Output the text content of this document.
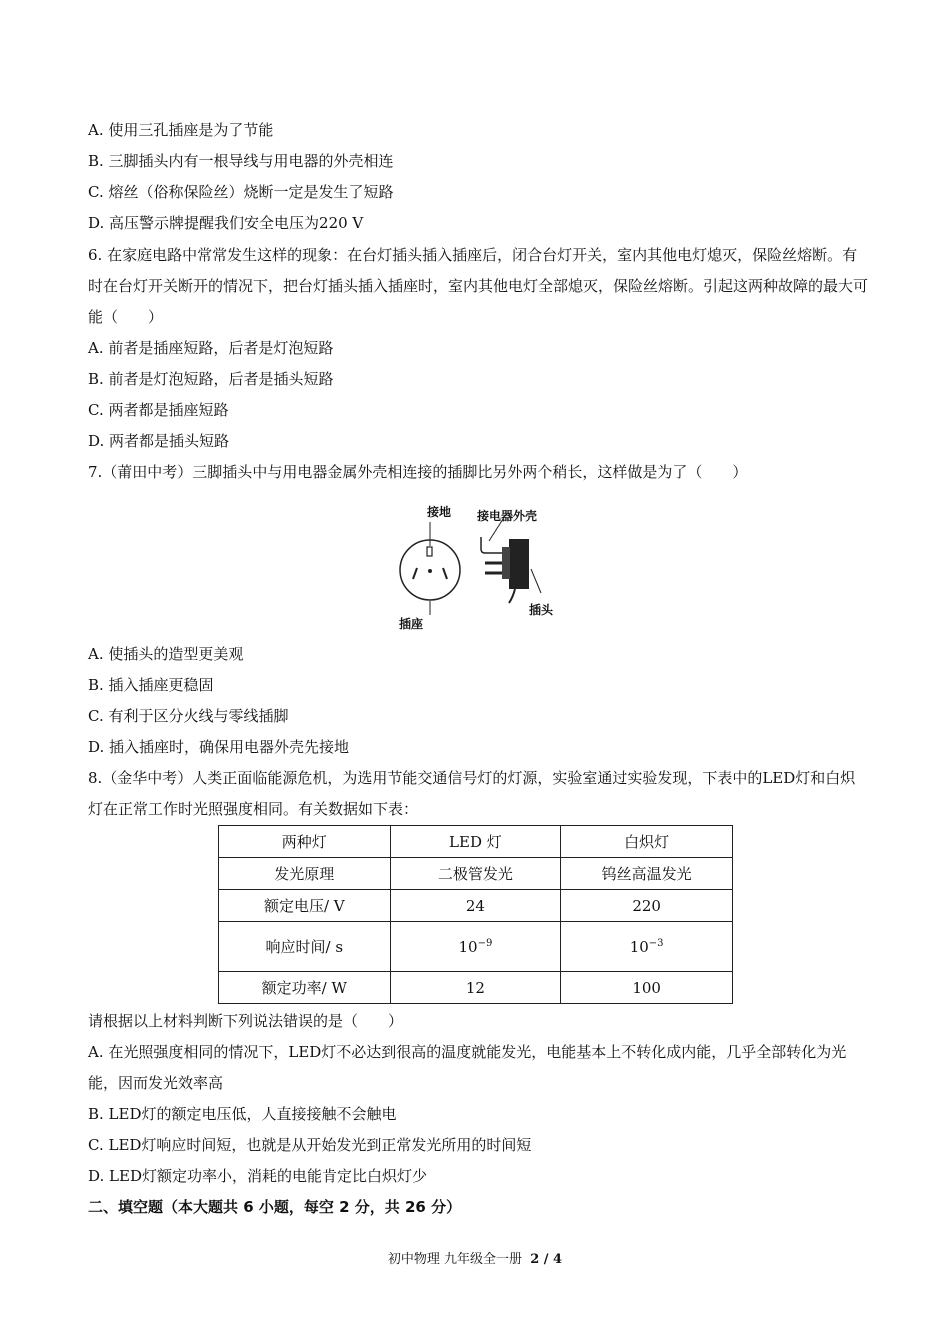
A. 使用三孔插座是为了节能
B. 三脚插头内有一根导线与用电器的外壳相连
C. 熔丝（俗称保险丝）烧断一定是发生了短路
D. 高压警示牌提醒我们安全电压为220 V
6. 在家庭电路中常常发生这样的现象：在台灯插头插入插座后，闭合台灯开关，室内其他电灯熄灭，保险丝熔断。有时在台灯开关断开的情况下，把台灯插头插入插座时，室内其他电灯全部熄灭，保险丝熔断。引起这两种故障的最大可能（　　）
A. 前者是插座短路，后者是灯泡短路
B. 前者是灯泡短路，后者是插头短路
C. 两者都是插座短路
D. 两者都是插头短路
7.（莆田中考）三脚插头中与用电器金属外壳相连接的插脚比另外两个稍长，这样做是为了（　　）
接地 接电器外壳
插座
插头
A. 使插头的造型更美观
B. 插入插座更稳固
C. 有利于区分火线与零线插脚
D. 插入插座时，确保用电器外壳先接地
8.（金华中考）人类正面临能源危机，为选用节能交通信号灯的灯源，实验室通过实验发现，下表中的LED灯和白炽灯在正常工作时光照强度相同。有关数据如下表：
两种灯	LED 灯	白炽灯
发光原理	二极管发光	钨丝高温发光
额定电压/ V	24	220
响应时间/ s	$10^{-9}$	$10^{-3}$
额定功率/ W	12	100
请根据以上材料判断下列说法错误的是（　　）
A. 在光照强度相同的情况下，LED灯不必达到很高的温度就能发光，电能基本上不转化成内能，几乎全部转化为光能，因而发光效率高
B. LED灯的额定电压低，人直接接触不会触电
C. LED灯响应时间短，也就是从开始发光到正常发光所用的时间短
D. LED灯额定功率小，消耗的电能肯定比白炽灯少
二、填空题（本大题共 6 小题，每空 2 分，共 26 分）
初中物理 九年级全一册 2 / 4
